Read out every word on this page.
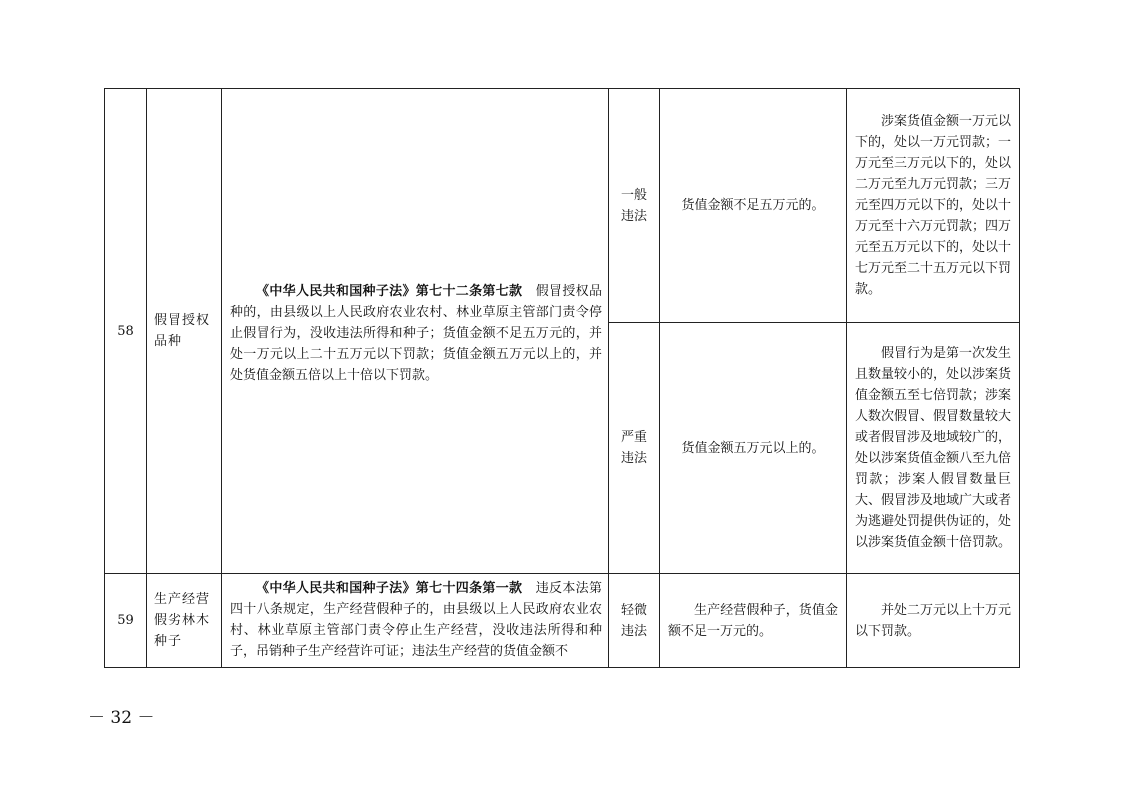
58	假冒授权品种	《中华人民共和国种子法》第七十二条第七款 假冒授权品种的，由县级以上人民政府农业农村、林业草原主管部门责令停止假冒行为，没收违法所得和种子；货值金额不足五万元的，并处一万元以上二十五万元以下罚款；货值金额五万元以上的，并处货值金额五倍以上十倍以下罚款。	一般违法	货值金额不足五万元的。	涉案货值金额一万元以下的，处以一万元罚款；一万元至三万元以下的，处以二万元至九万元罚款；三万元至四万元以下的，处以十万元至十六万元罚款；四万元至五万元以下的，处以十七万元至二十五万元以下罚款。
			严重违法	货值金额五万元以上的。	假冒行为是第一次发生且数量较小的，处以涉案货值金额五至七倍罚款；涉案人数次假冒、假冒数量较大或者假冒涉及地域较广的，处以涉案货值金额八至九倍罚款；涉案人假冒数量巨大、假冒涉及地域广大或者为逃避处罚提供伪证的，处以涉案货值金额十倍罚款。
59	生产经营假劣林木种子	《中华人民共和国种子法》第七十四条第一款 违反本法第四十八条规定，生产经营假种子的，由县级以上人民政府农业农村、林业草原主管部门责令停止生产经营，没收违法所得和种子，吊销种子生产经营许可证；违法生产经营的货值金额不	轻微违法	生产经营假种子，货值金额不足一万元的。	并处二万元以上十万元以下罚款。
－ 32 －
